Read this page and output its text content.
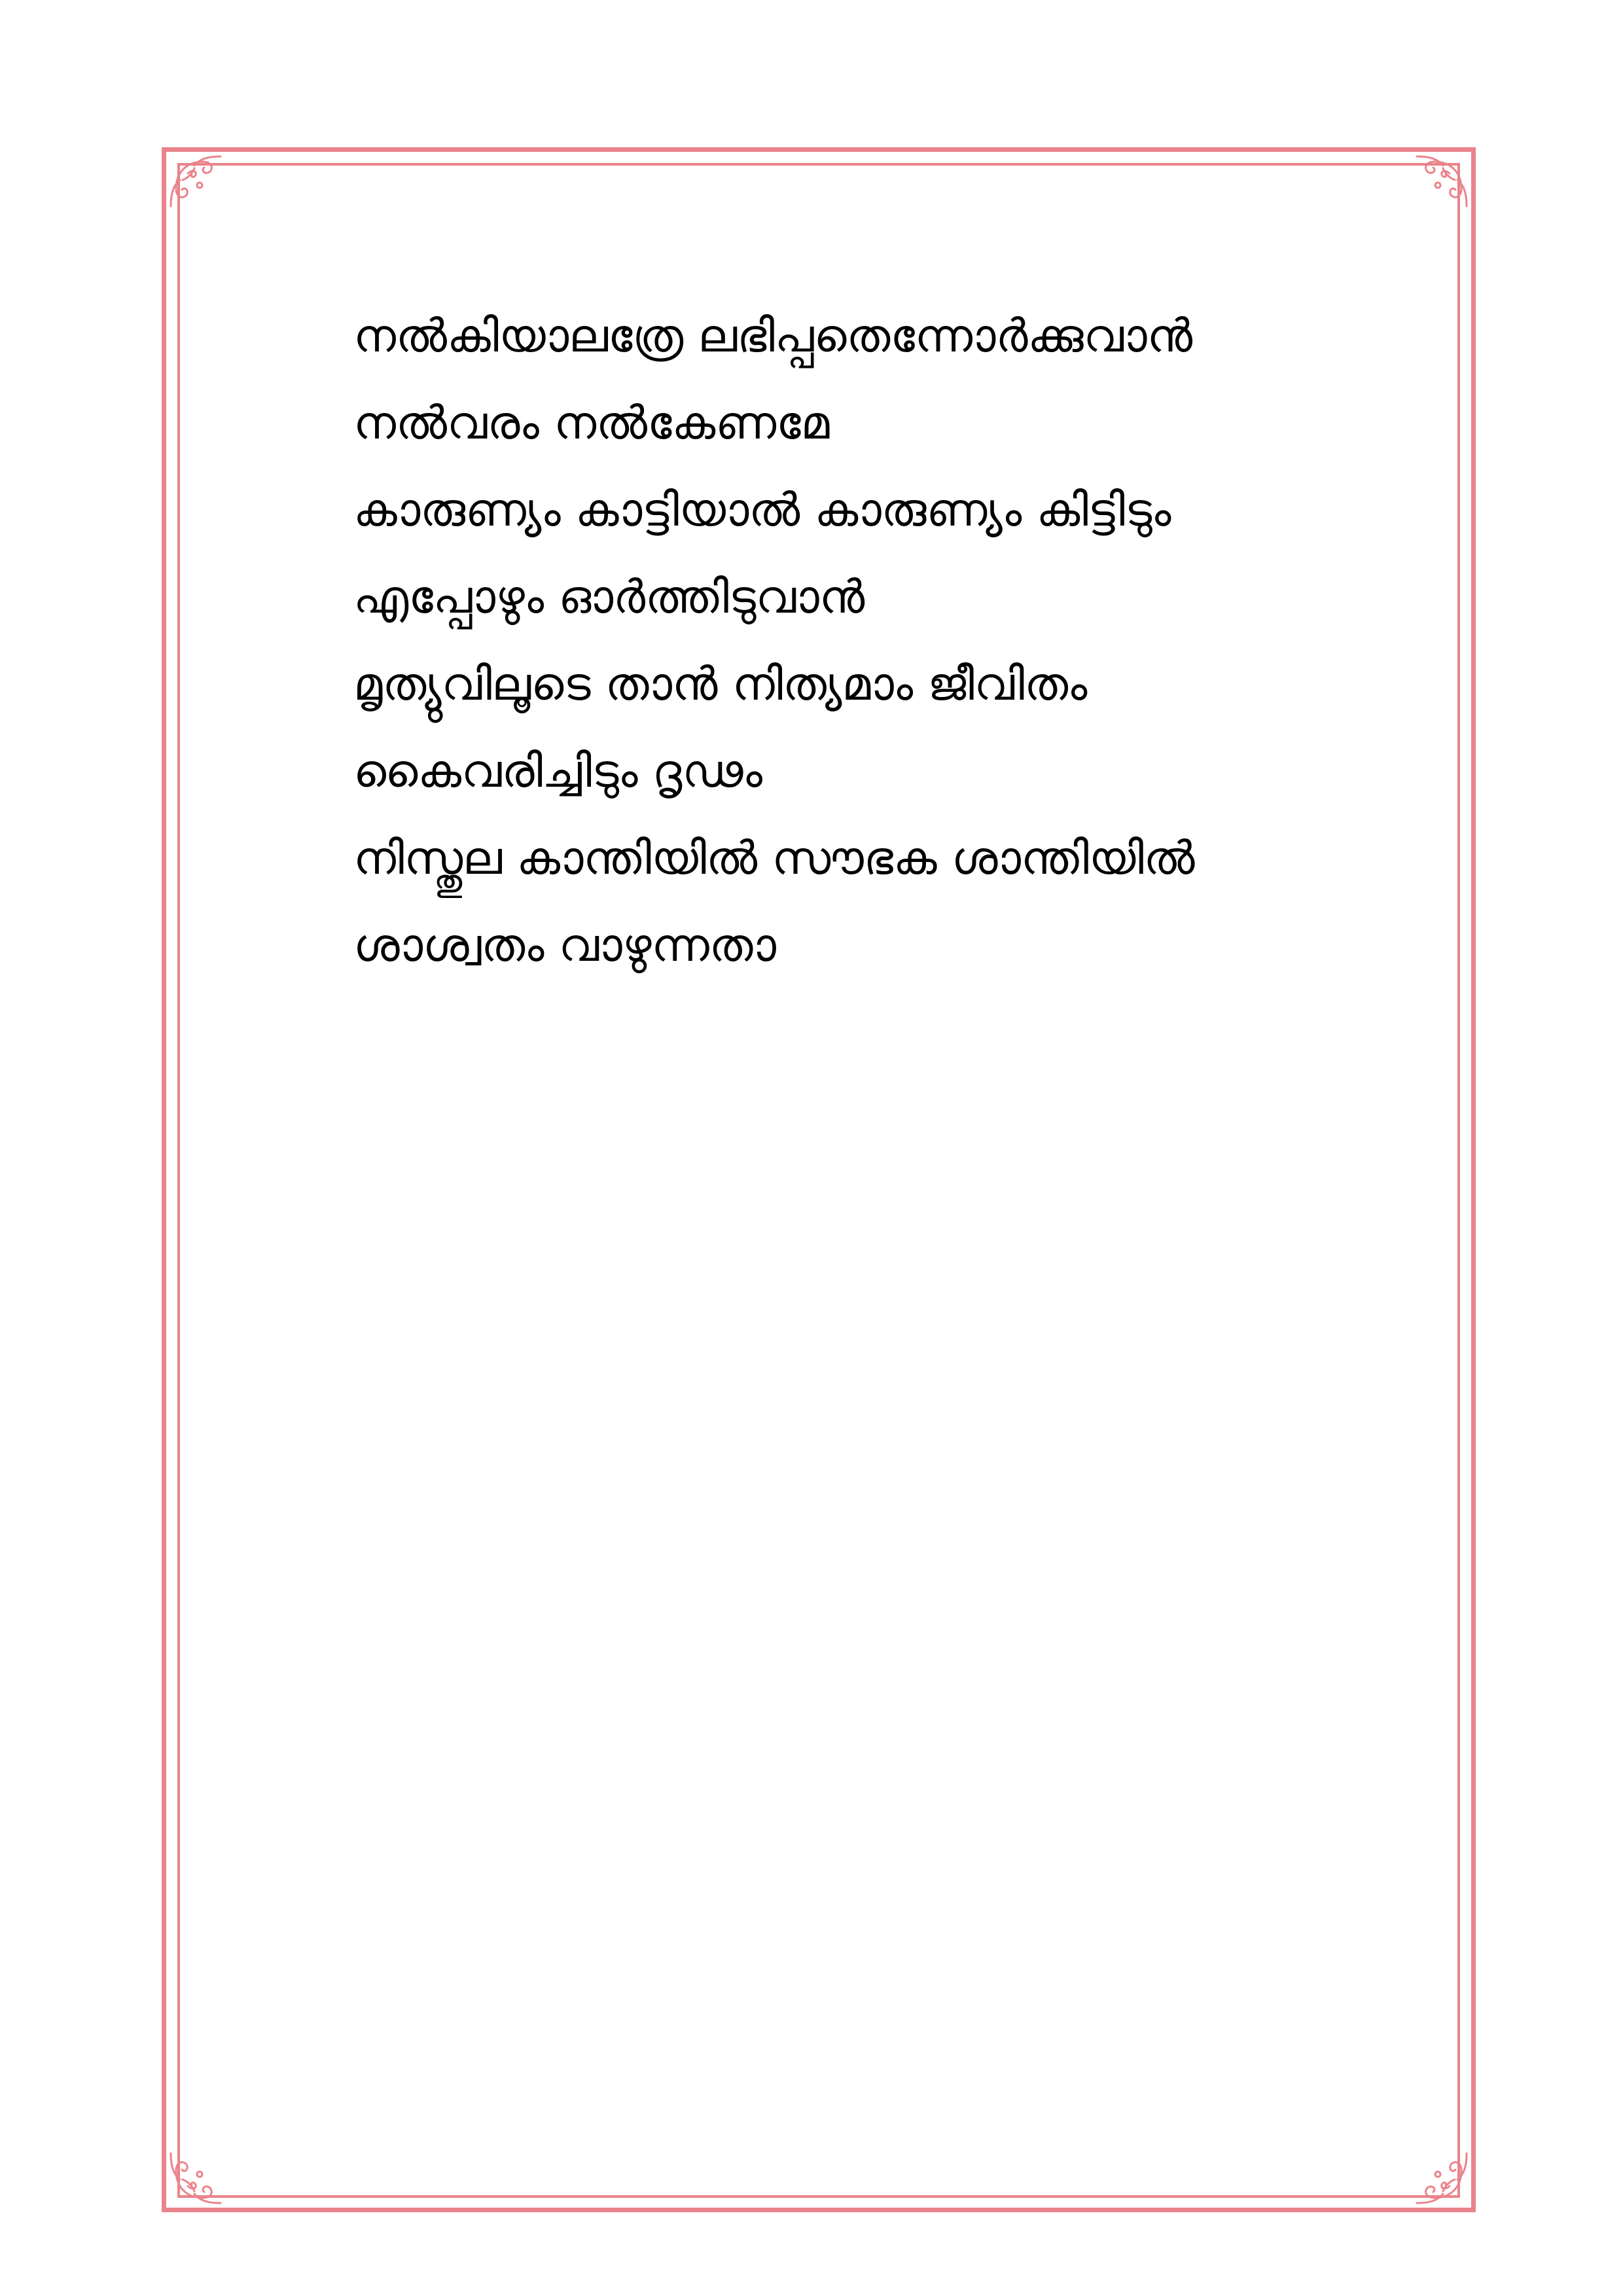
നൽകിയാലത്രേ ലഭിപ്പതെന്നോർക്കുവാൻ
നൽവരം നൽകേണമേ
കാരുണ്യം കാട്ടിയാൽ കാരുണ്യം കിട്ടിടും
എപ്പോഴും ഓർത്തിടുവാൻ
മൃത്യുവിലൂടെ താൻ നിത്യമാം ജീവിതം
കൈവരിച്ചിടും ദൃഢം
നിസ്തുല കാന്തിയിൽ സൗഭക ശാന്തിയിൽ
ശാശ്വതം വാഴുന്നതാ
